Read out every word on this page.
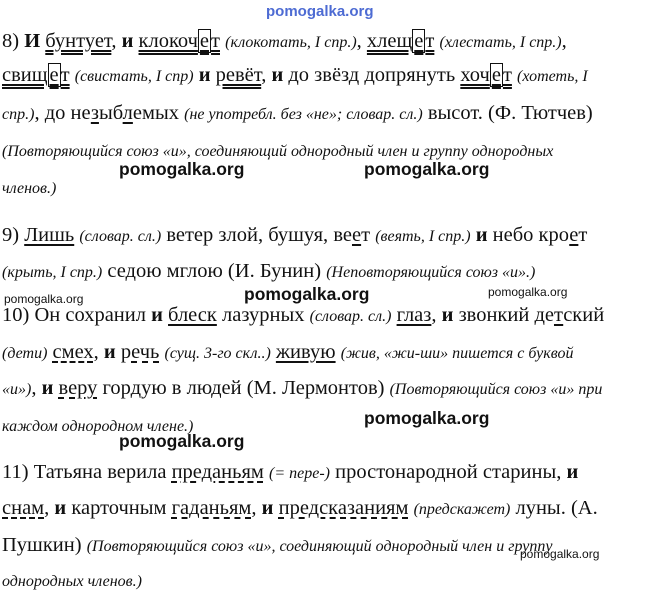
pomogalka.org
8) И бунтует, и клокочет (клокотать, I спр.), хлещет (хлестать, I спр.),
свищет (свистать, I спр) и ревёт, и до звёзд допрянуть хочет (хотеть, I
спр.), до незыблемых (не употребл. без «не»; словар. сл.) высот. (Ф. Тютчев)
(Повторяющийся союз «и», соединяющий однородный член и группу однородных
членов.)
pomogalka.org	pomogalka.org
9) Лишь (словар. сл.) ветер злой, бушуя, веет (веять, I спр.) и небо кроет
(крыть, I спр.) седою мглою (И. Бунин) (Неповторяющийся союз «и».)
pomogalka.org	pomogalka.org	pomogalka.org
10) Он сохранил и блеск лазурных (словар. сл.) глаз, и звонкий детский
(дети) смех, и речь (сущ. 3-го скл..) живую (жив, «жи-ши» пишется с буквой
«и»), и веру гордую в людей (М. Лермонтов) (Повторяющийся союз «и» при
каждом однородном члене.)	pomogalka.org
pomogalka.org
11) Татьяна верила преданьям (= пере-) простонародной старины, и
снам, и карточным гаданьям, и предсказаниям (предскажет) луны. (А.
Пушкин) (Повторяющийся союз «и», соединяющий однородный член и группу
однородных членов.)
pomogalka.org
